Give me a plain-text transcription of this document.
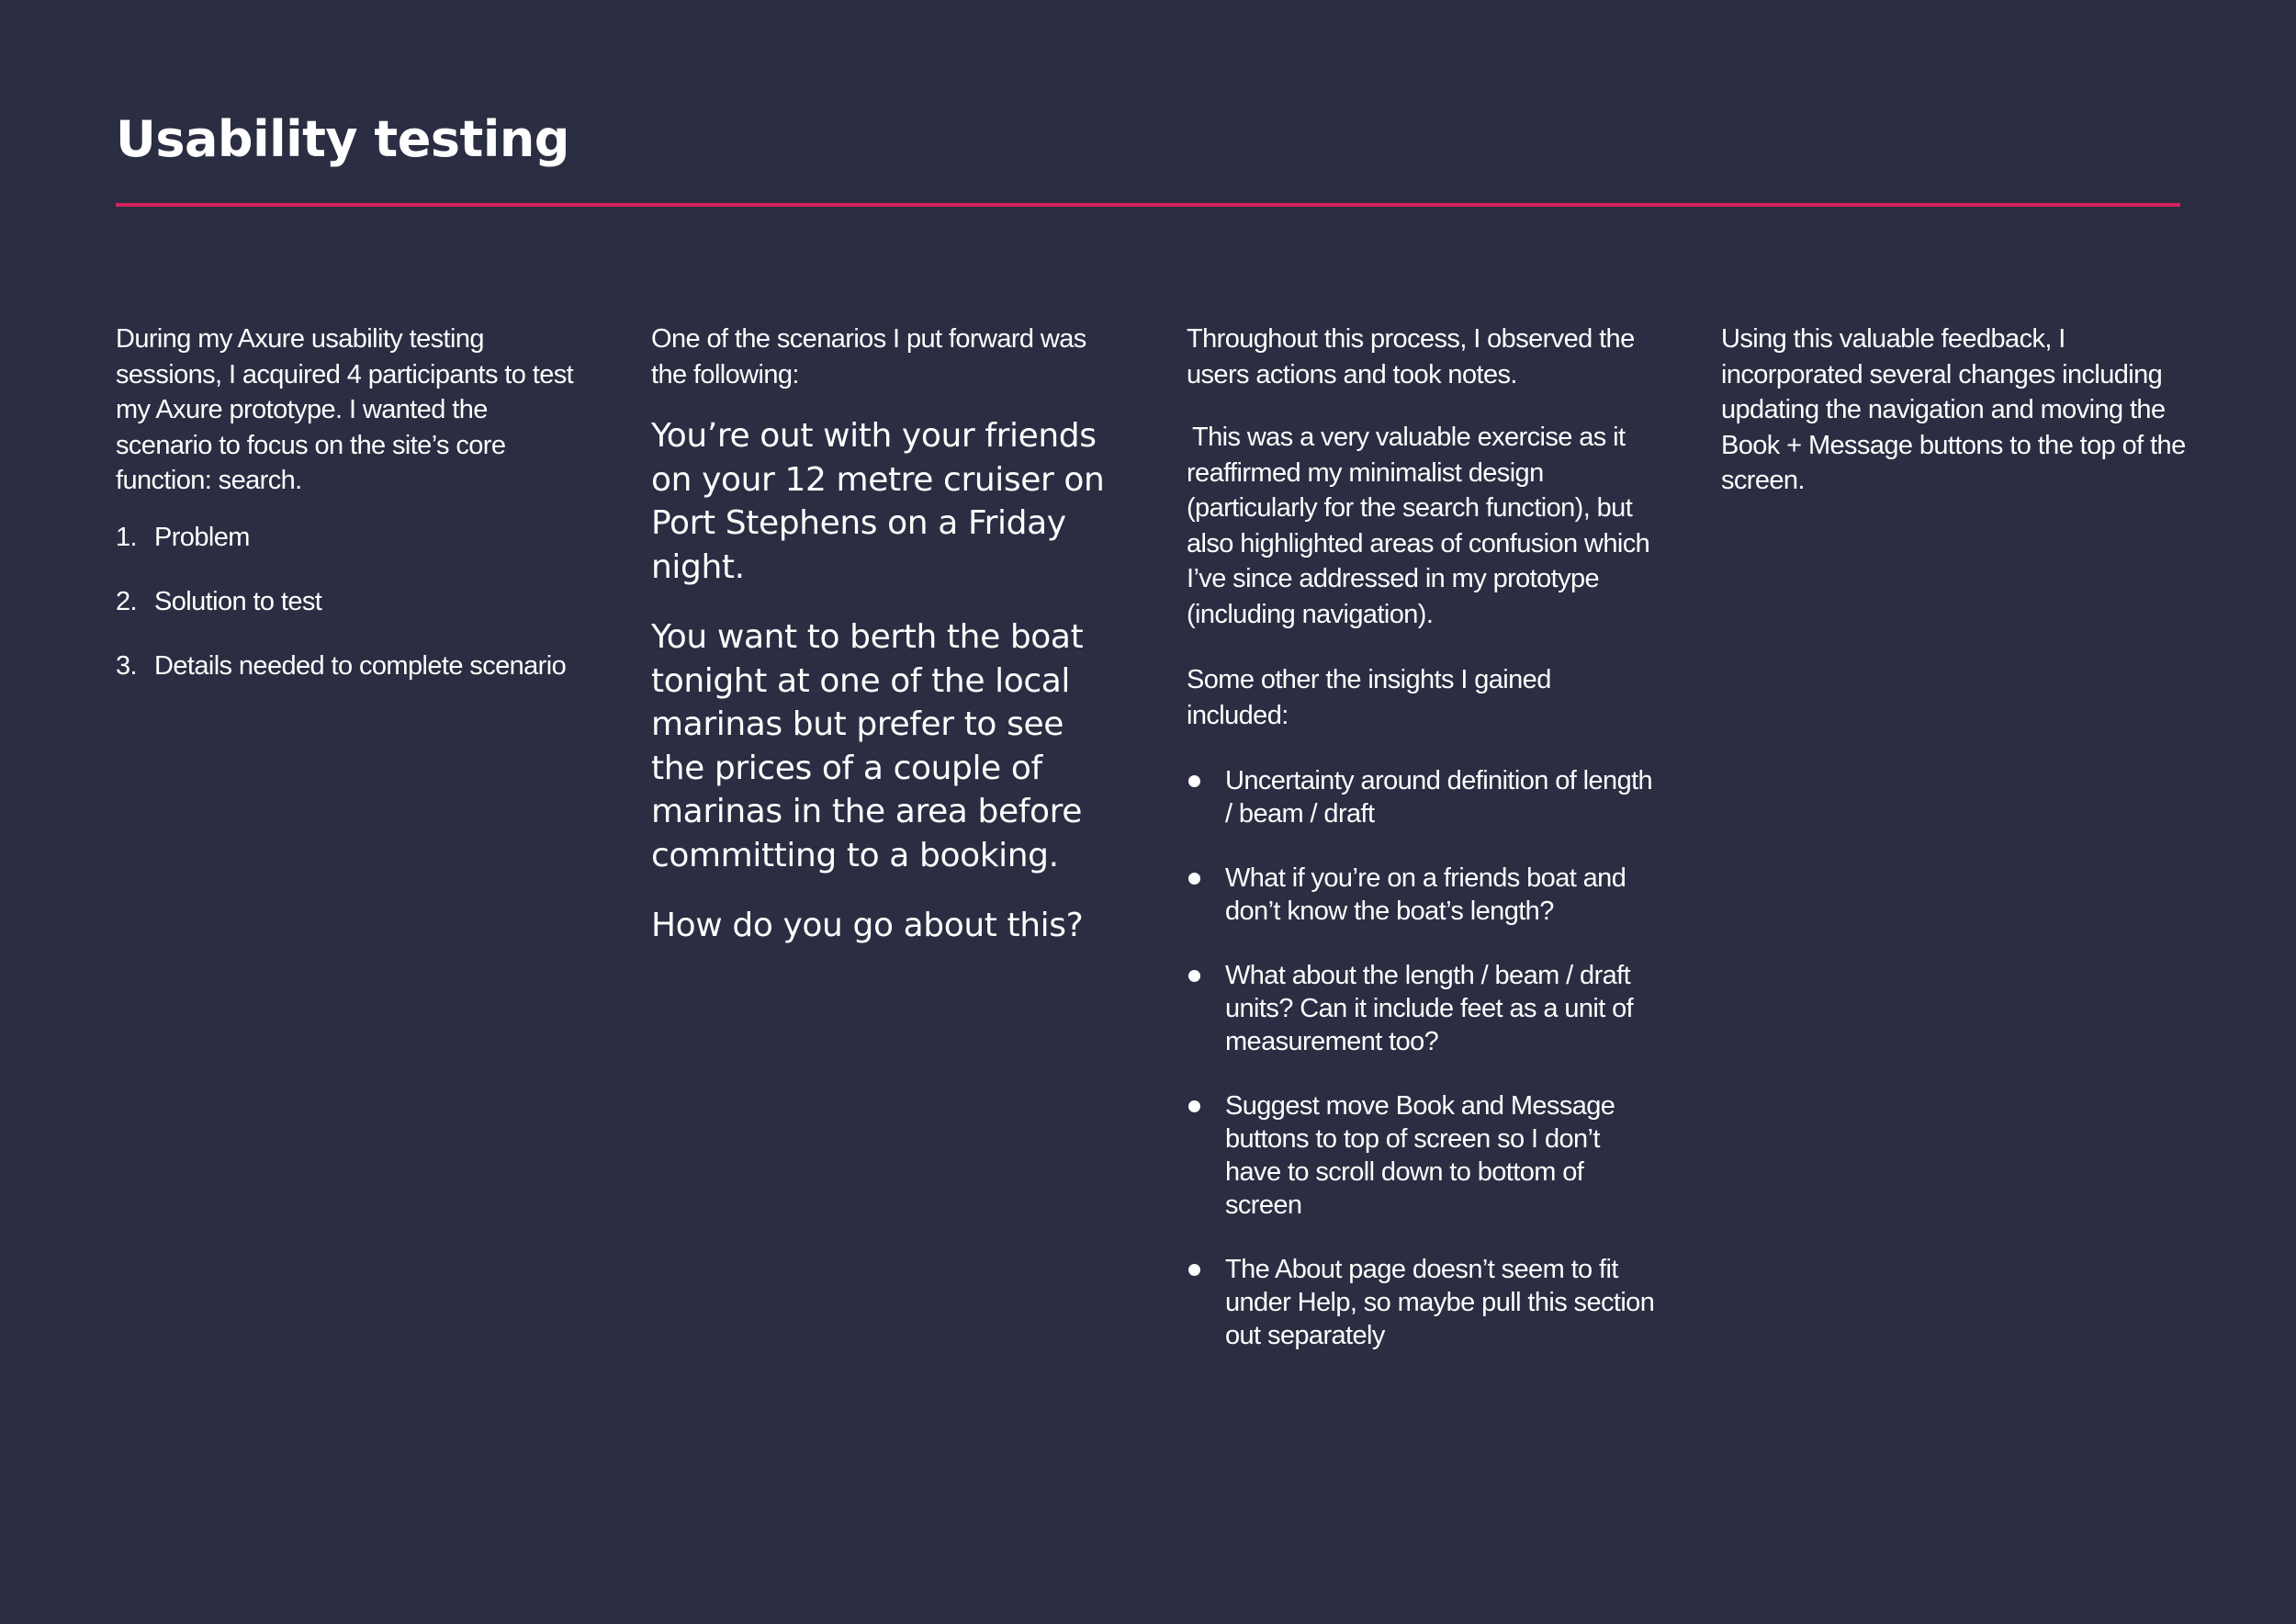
Usability testing

During my Axure usability testing sessions, I acquired 4 participants to test my Axure prototype. I wanted the scenario to focus on the site’s core function: search.

1. Problem
2. Solution to test
3. Details needed to complete scenario

One of the scenarios I put forward was the following:

You’re out with your friends on your 12 metre cruiser on Port Stephens on a Friday night.

You want to berth the boat tonight at one of the local marinas but prefer to see the prices of a couple of marinas in the area before committing to a booking.

How do you go about this?

Throughout this process, I observed the users actions and took notes.

This was a very valuable exercise as it reaffirmed my minimalist design (particularly for the search function), but also highlighted areas of confusion which I’ve since addressed in my prototype (including navigation).

Some other the insights I gained included:

Uncertainty around definition of length / beam / draft
What if you’re on a friends boat and don’t know the boat’s length?
What about the length / beam / draft units? Can it include feet as a unit of measurement too?
Suggest move Book and Message buttons to top of screen so I don’t have to scroll down to bottom of screen
The About page doesn’t seem to fit under Help, so maybe pull this section out separately

Using this valuable feedback, I incorporated several changes including updating the navigation and moving the Book + Message buttons to the top of the screen.
